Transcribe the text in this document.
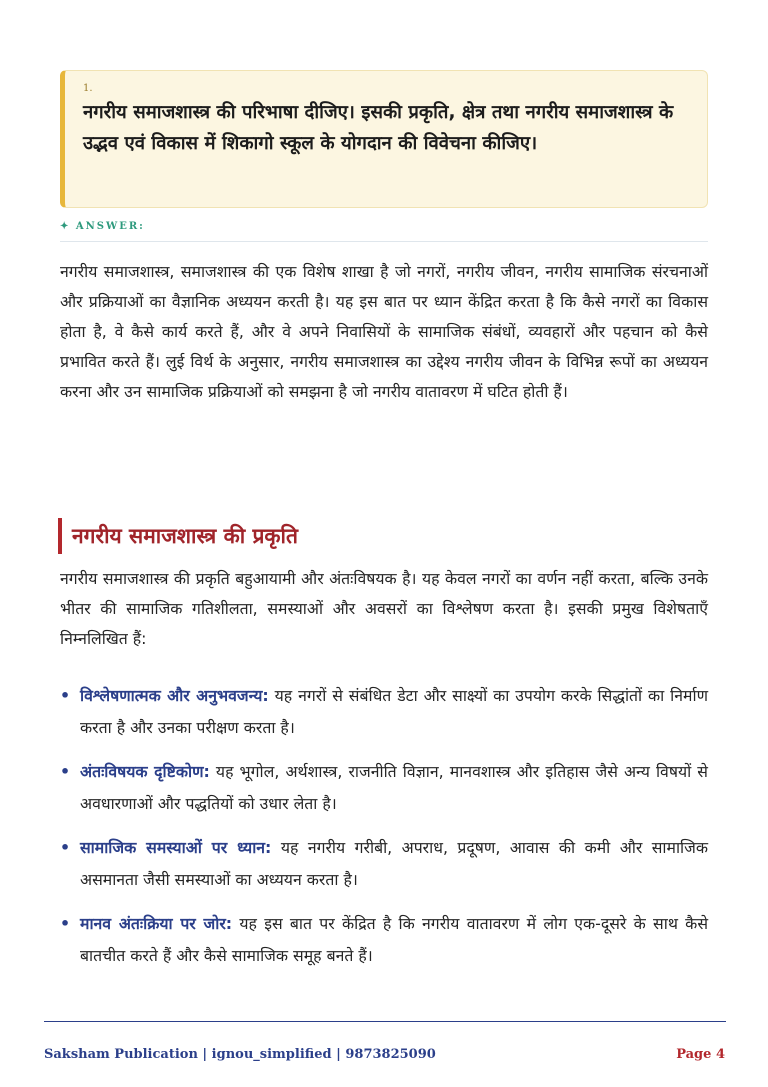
1.
नगरीय समाजशास्त्र की परिभाषा दीजिए। इसकी प्रकृति, क्षेत्र तथा नगरीय समाजशास्त्र के उद्भव एवं विकास में शिकागो स्कूल के योगदान की विवेचना कीजिए।
✦ ANSWER:
नगरीय समाजशास्त्र, समाजशास्त्र की एक विशेष शाखा है जो नगरों, नगरीय जीवन, नगरीय सामाजिक संरचनाओं और प्रक्रियाओं का वैज्ञानिक अध्ययन करती है। यह इस बात पर ध्यान केंद्रित करता है कि कैसे नगरों का विकास होता है, वे कैसे कार्य करते हैं, और वे अपने निवासियों के सामाजिक संबंधों, व्यवहारों और पहचान को कैसे प्रभावित करते हैं। लुई विर्थ के अनुसार, नगरीय समाजशास्त्र का उद्देश्य नगरीय जीवन के विभिन्न रूपों का अध्ययन करना और उन सामाजिक प्रक्रियाओं को समझना है जो नगरीय वातावरण में घटित होती हैं।
नगरीय समाजशास्त्र की प्रकृति
नगरीय समाजशास्त्र की प्रकृति बहुआयामी और अंतःविषयक है। यह केवल नगरों का वर्णन नहीं करता, बल्कि उनके भीतर की सामाजिक गतिशीलता, समस्याओं और अवसरों का विश्लेषण करता है। इसकी प्रमुख विशेषताएँ निम्नलिखित हैं:
• विश्लेषणात्मक और अनुभवजन्य: यह नगरों से संबंधित डेटा और साक्ष्यों का उपयोग करके सिद्धांतों का निर्माण करता है और उनका परीक्षण करता है।
• अंतःविषयक दृष्टिकोण: यह भूगोल, अर्थशास्त्र, राजनीति विज्ञान, मानवशास्त्र और इतिहास जैसे अन्य विषयों से अवधारणाओं और पद्धतियों को उधार लेता है।
• सामाजिक समस्याओं पर ध्यान: यह नगरीय गरीबी, अपराध, प्रदूषण, आवास की कमी और सामाजिक असमानता जैसी समस्याओं का अध्ययन करता है।
• मानव अंतःक्रिया पर जोर: यह इस बात पर केंद्रित है कि नगरीय वातावरण में लोग एक-दूसरे के साथ कैसे बातचीत करते हैं और कैसे सामाजिक समूह बनते हैं।
Saksham Publication | ignou_simplified | 9873825090	Page 4
